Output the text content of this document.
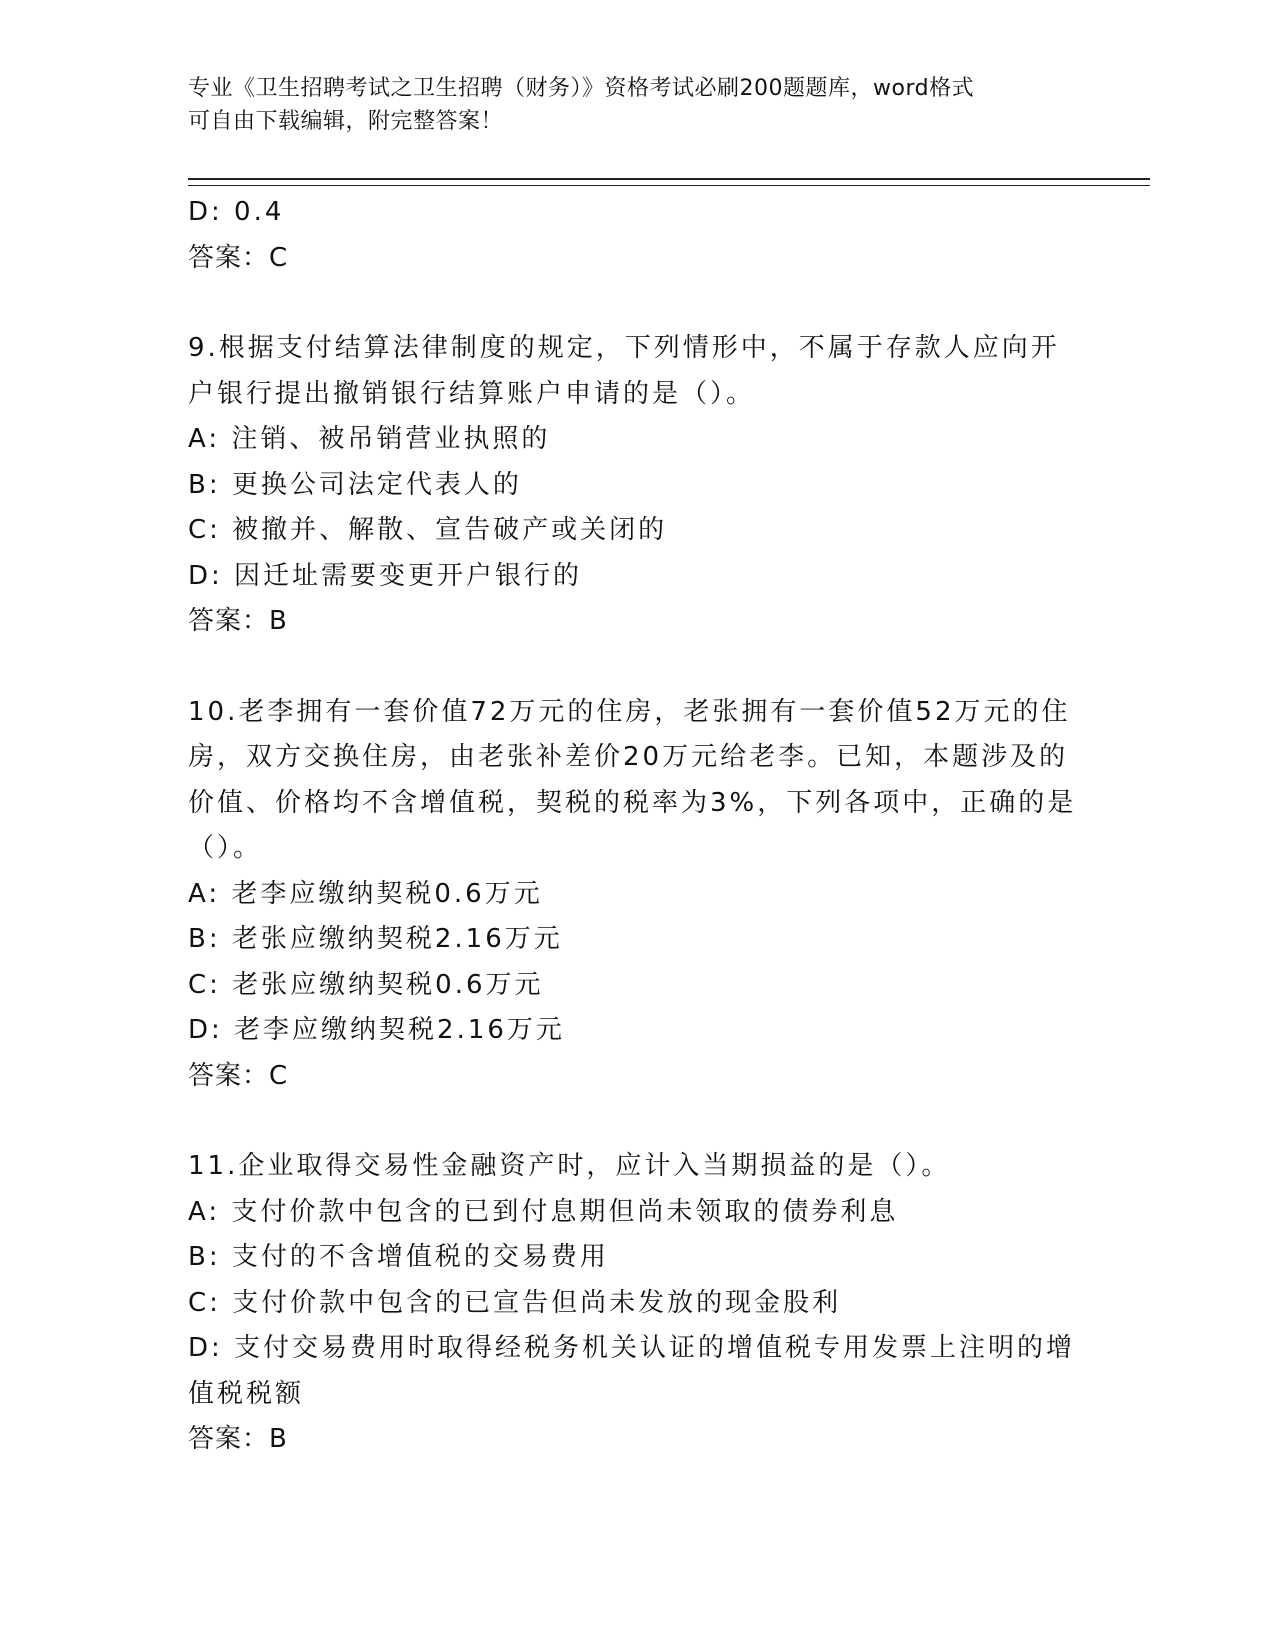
专业《卫生招聘考试之卫生招聘（财务）》资格考试必刷200题题库，word格式
可自由下载编辑，附完整答案！

D: 0.4

答案：C

9.根据支付结算法律制度的规定，下列情形中，不属于存款人应向开

户银行提出撤销银行结算账户申请的是（）。

A: 注销、被吊销营业执照的

B: 更换公司法定代表人的

C: 被撤并、解散、宣告破产或关闭的

D: 因迁址需要变更开户银行的

答案：B

10.老李拥有一套价值72万元的住房，老张拥有一套价值52万元的住

房，双方交换住房，由老张补差价20万元给老李。已知，本题涉及的

价值、价格均不含增值税，契税的税率为3%，下列各项中，正确的是

（）。

A: 老李应缴纳契税0.6万元

B: 老张应缴纳契税2.16万元

C: 老张应缴纳契税0.6万元

D: 老李应缴纳契税2.16万元

答案：C

11.企业取得交易性金融资产时，应计入当期损益的是（）。

A: 支付价款中包含的已到付息期但尚未领取的债券利息

B: 支付的不含增值税的交易费用

C: 支付价款中包含的已宣告但尚未发放的现金股利

D: 支付交易费用时取得经税务机关认证的增值税专用发票上注明的增

值税税额

答案：B
